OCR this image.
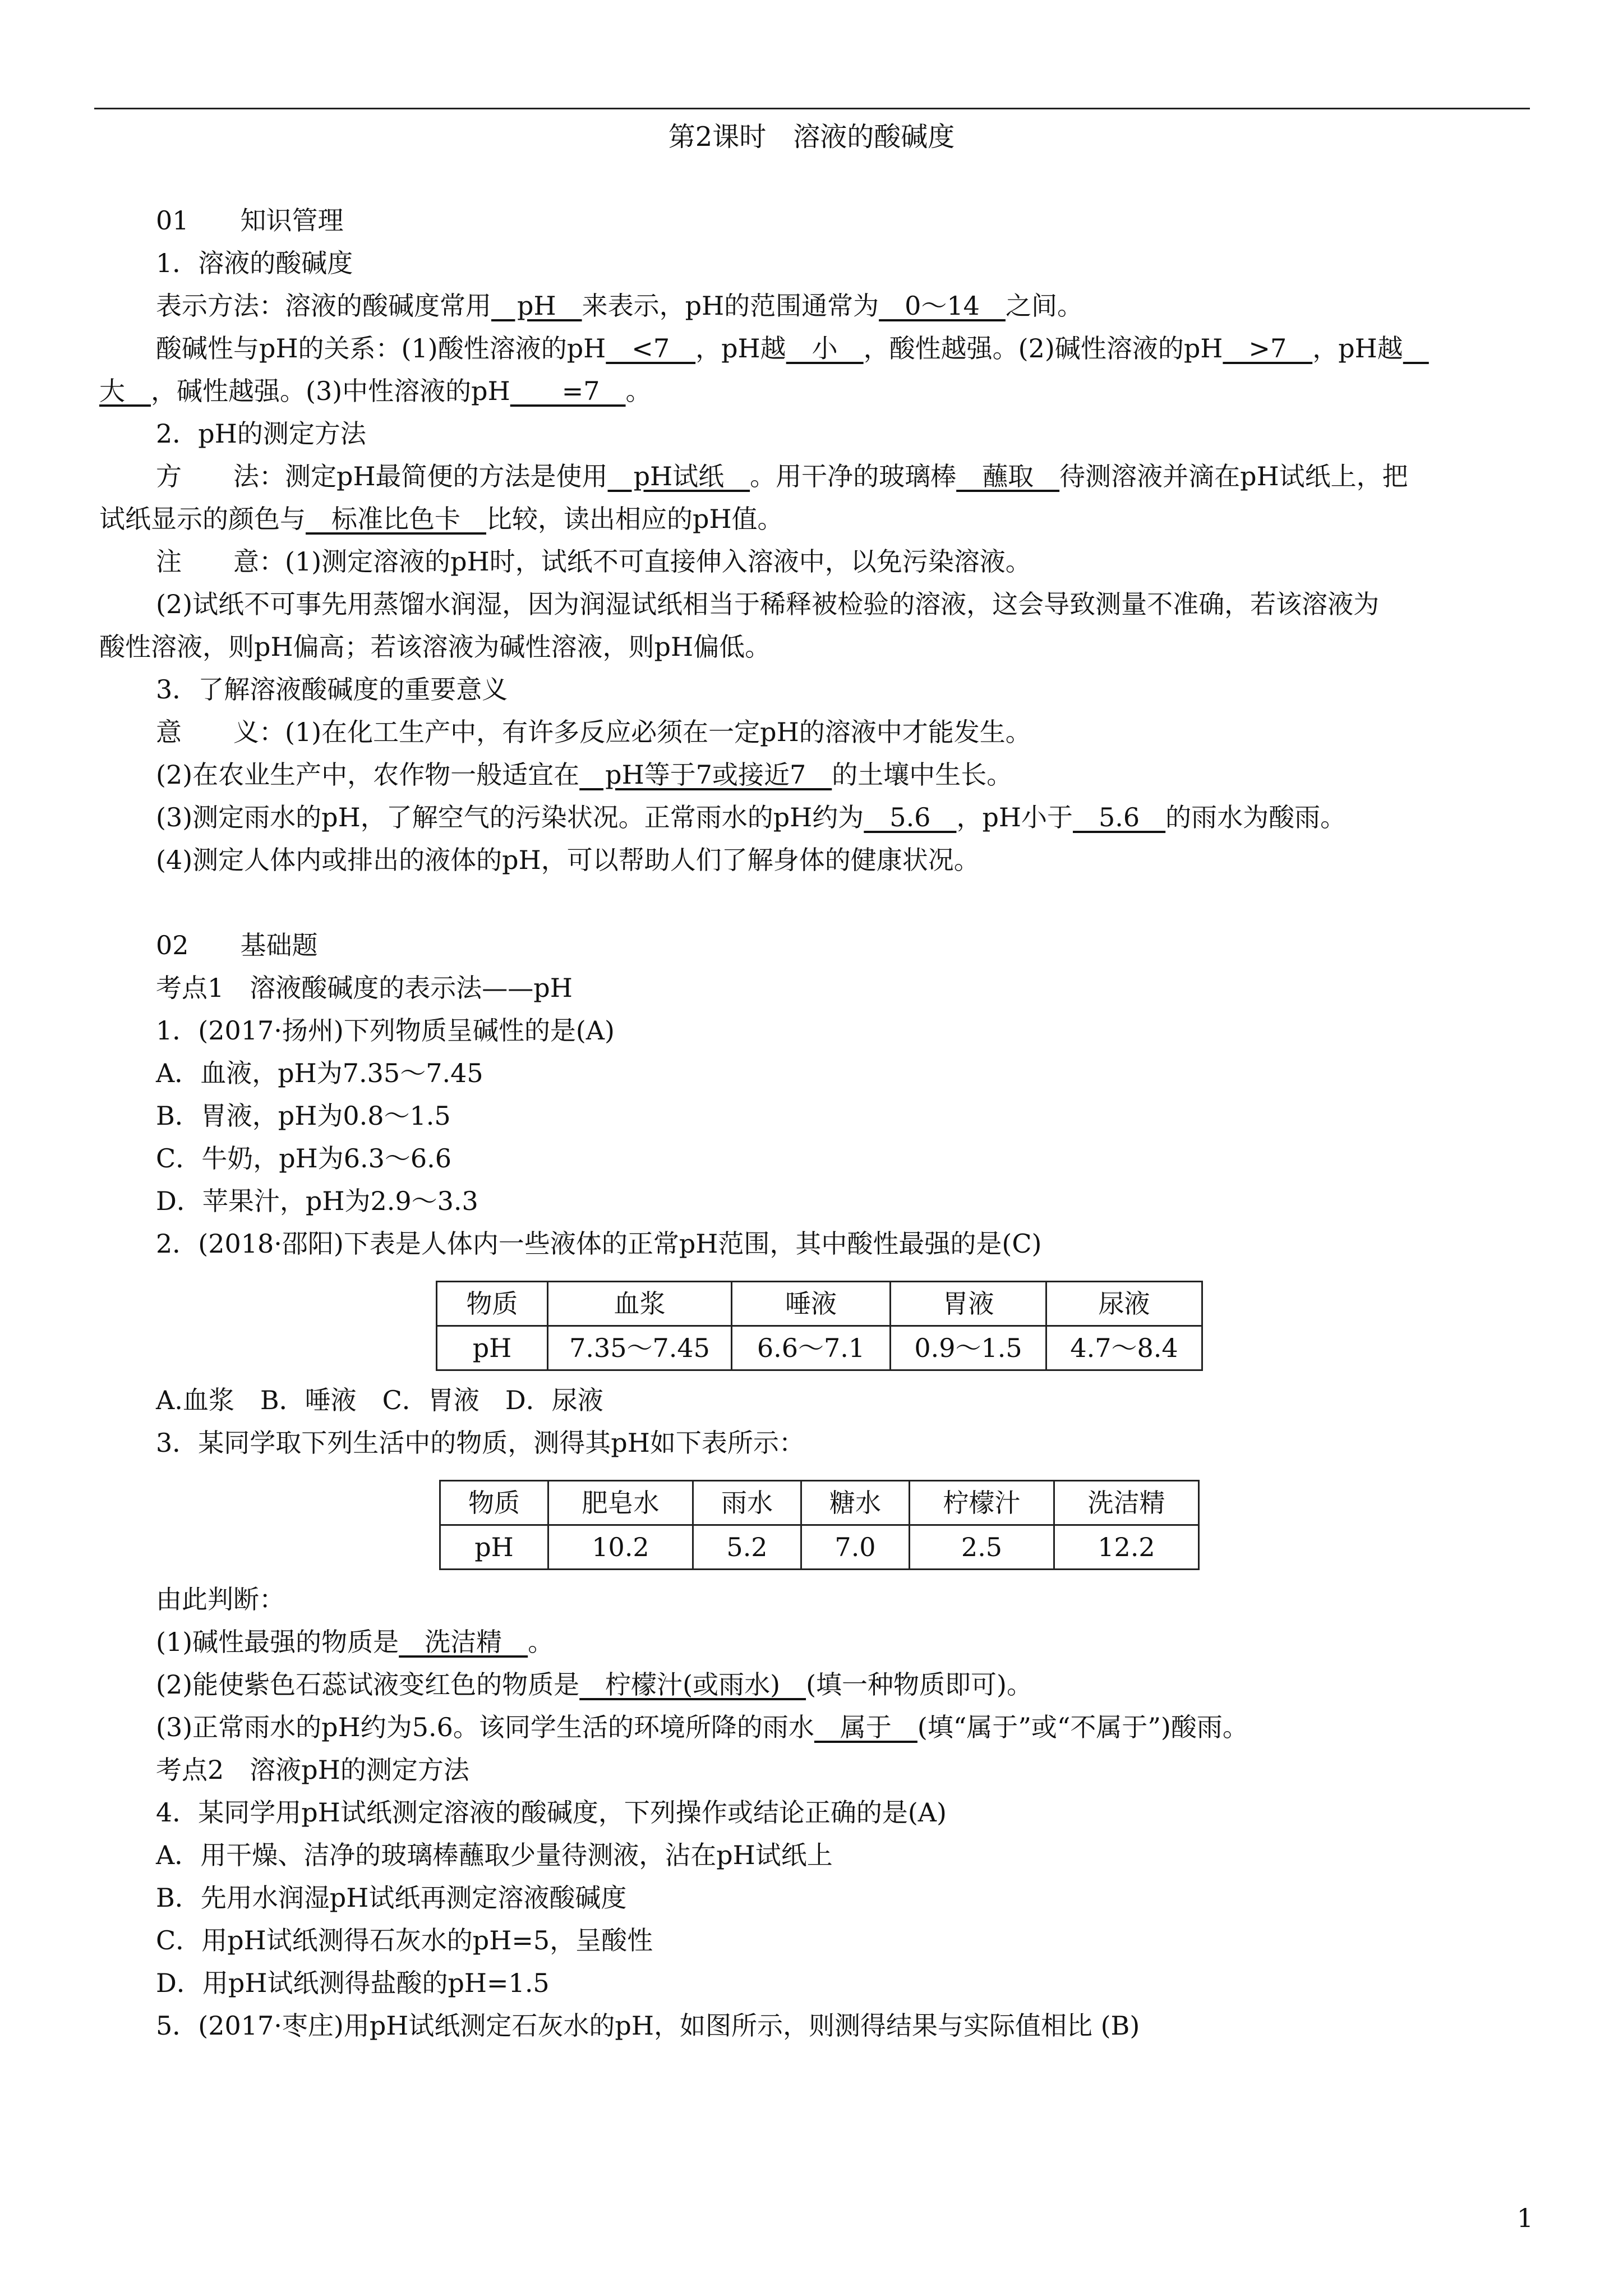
第2课时　溶液的酸碱度

01　　知识管理

1．溶液的酸碱度

表示方法：溶液的酸碱度常用　pH　来表示，pH的范围通常为　0～14　之间。

酸碱性与pH的关系：(1)酸性溶液的pH　<7　，pH越　小　，酸性越强。(2)碱性溶液的pH　>7　，pH越　

大　，碱性越强。(3)中性溶液的pH　　=7　。

2．pH的测定方法

方　　法：测定pH最简便的方法是使用　pH试纸　。用干净的玻璃棒　蘸取　待测溶液并滴在pH试纸上，把

试纸显示的颜色与　标准比色卡　比较，读出相应的pH值。

注　　意：(1)测定溶液的pH时，试纸不可直接伸入溶液中，以免污染溶液。

(2)试纸不可事先用蒸馏水润湿，因为润湿试纸相当于稀释被检验的溶液，这会导致测量不准确，若该溶液为

酸性溶液，则pH偏高；若该溶液为碱性溶液，则pH偏低。

3．了解溶液酸碱度的重要意义

意　　义：(1)在化工生产中，有许多反应必须在一定pH的溶液中才能发生。

(2)在农业生产中，农作物一般适宜在　pH等于7或接近7　的土壤中生长。

(3)测定雨水的pH，了解空气的污染状况。正常雨水的pH约为　5.6　，pH小于　5.6　的雨水为酸雨。

(4)测定人体内或排出的液体的pH，可以帮助人们了解身体的健康状况。

02　　基础题

考点1　溶液酸碱度的表示法——pH

1．(2017·扬州)下列物质呈碱性的是(A)

A．血液，pH为7.35～7.45

B．胃液，pH为0.8～1.5

C．牛奶，pH为6.3～6.6

D．苹果汁，pH为2.9～3.3

2．(2018·邵阳)下表是人体内一些液体的正常pH范围，其中酸性最强的是(C)

物质	血浆	唾液	胃液	尿液
pH	7.35～7.45	6.6～7.1	0.9～1.5	4.7～8.4

A.血浆　B．唾液　C．胃液　D．尿液

3．某同学取下列生活中的物质，测得其pH如下表所示：

物质	肥皂水	雨水	糖水	柠檬汁	洗洁精
pH	10.2	5.2	7.0	2.5	12.2

由此判断：

(1)碱性最强的物质是　洗洁精　。

(2)能使紫色石蕊试液变红色的物质是　柠檬汁(或雨水)　(填一种物质即可)。

(3)正常雨水的pH约为5.6。该同学生活的环境所降的雨水　属于　(填“属于”或“不属于”)酸雨。

考点2　溶液pH的测定方法

4．某同学用pH试纸测定溶液的酸碱度，下列操作或结论正确的是(A)

A．用干燥、洁净的玻璃棒蘸取少量待测液，沾在pH试纸上

B．先用水润湿pH试纸再测定溶液酸碱度

C．用pH试纸测得石灰水的pH=5，呈酸性

D．用pH试纸测得盐酸的pH=1.5

5．(2017·枣庄)用pH试纸测定石灰水的pH，如图所示，则测得结果与实际值相比 (B)

1
